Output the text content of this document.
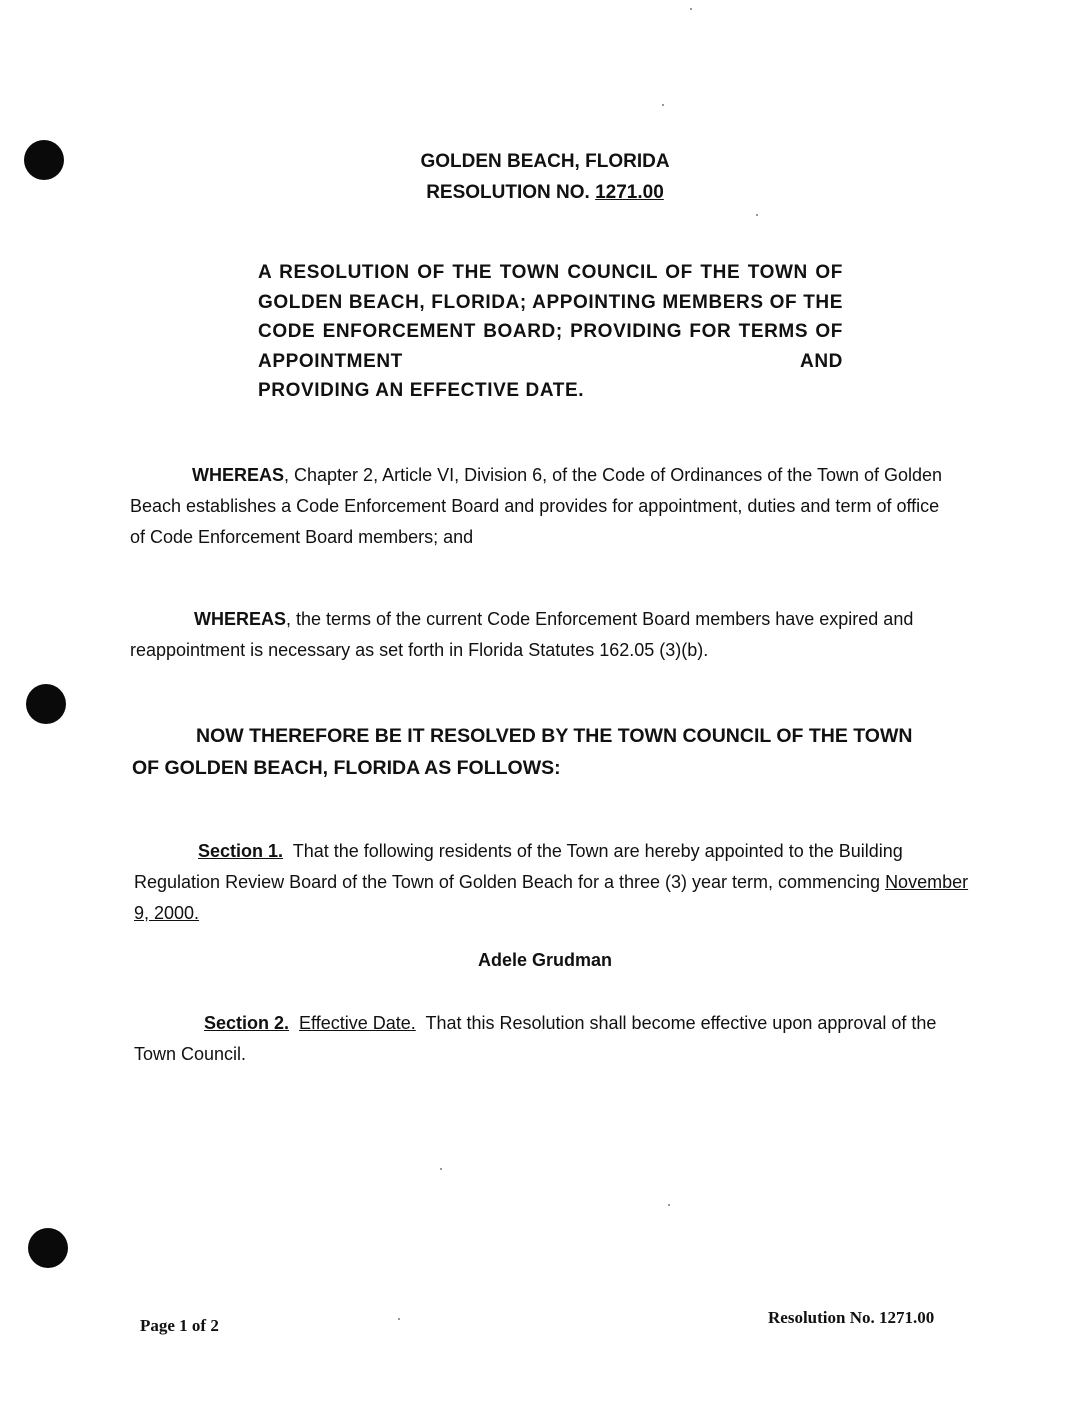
GOLDEN BEACH, FLORIDA
RESOLUTION NO. 1271.00
A RESOLUTION OF THE TOWN COUNCIL OF THE TOWN OF GOLDEN BEACH, FLORIDA; APPOINTING MEMBERS OF THE CODE ENFORCEMENT BOARD; PROVIDING FOR TERMS OF APPOINTMENT AND
PROVIDING AN EFFECTIVE DATE.
WHEREAS, Chapter 2, Article VI, Division 6, of the Code of Ordinances of the Town of Golden Beach establishes a Code Enforcement Board and provides for appointment, duties and term of office of Code Enforcement Board members; and
WHEREAS, the terms of the current Code Enforcement Board members have expired and reappointment is necessary as set forth in Florida Statutes 162.05 (3)(b).
NOW THEREFORE BE IT RESOLVED BY THE TOWN COUNCIL OF THE TOWN OF GOLDEN BEACH, FLORIDA AS FOLLOWS:
Section 1.  That the following residents of the Town are hereby appointed to the Building Regulation Review Board of the Town of Golden Beach for a three (3) year term, commencing November 9, 2000.
Adele Grudman
Section 2. Effective Date.  That this Resolution shall become effective upon approval of the Town Council.
Page 1 of 2	Resolution No. 1271.00
